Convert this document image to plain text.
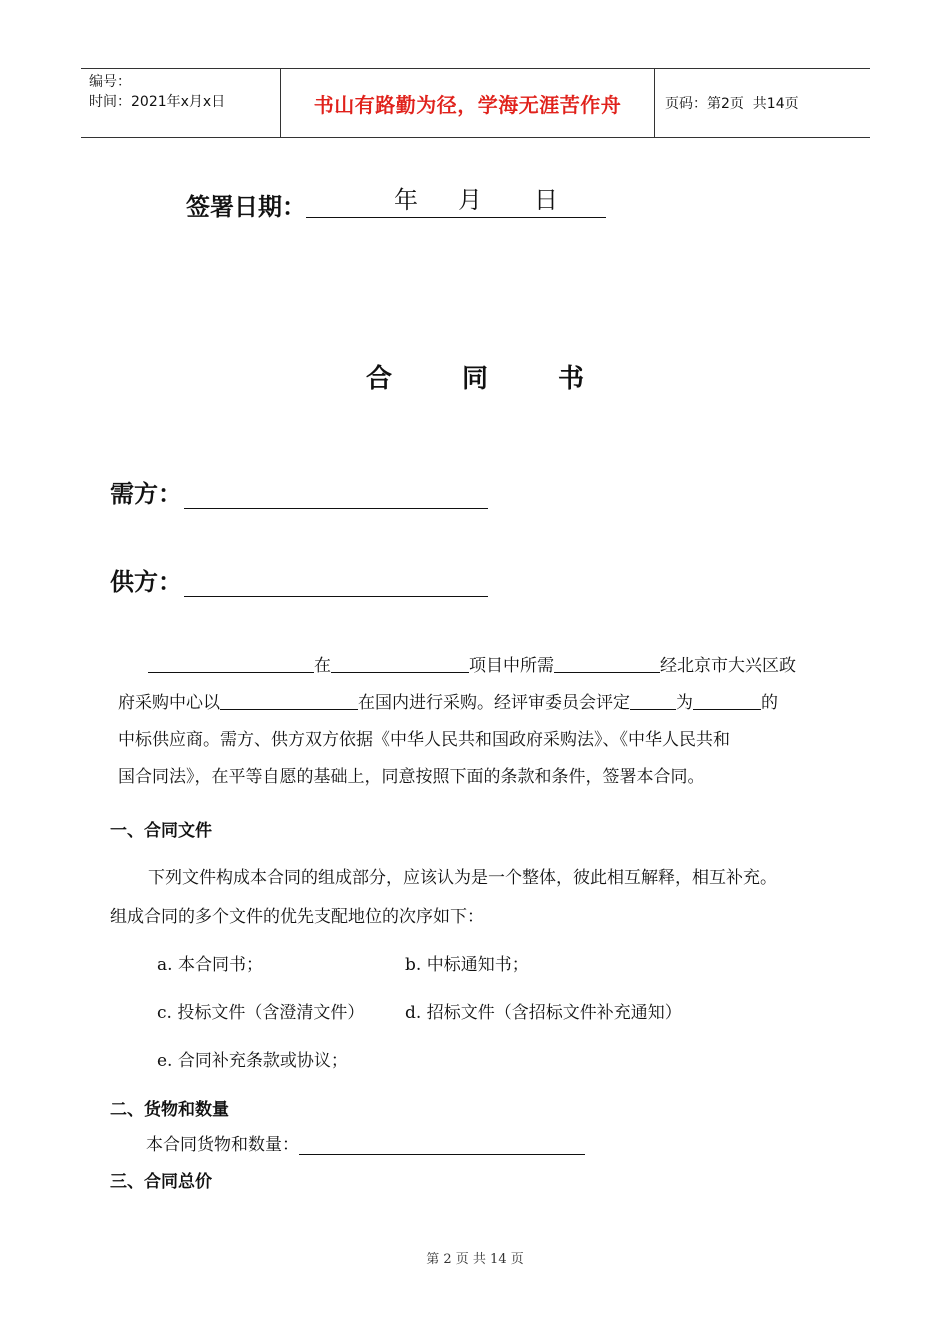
编号：
时间：2021年x月x日	书山有路勤为径，学海无涯苦作舟	页码：第2页  共14页
签署日期：	年 月 日
合同书
需方：
供方：
在	项目中所需	经北京市大兴区政
府采购中心以	在国内进行采购。经评审委员会评定	为	的
中标供应商。需方、供方双方依据《中华人民共和国政府采购法》、《中华人民共和
国合同法》，在平等自愿的基础上，同意按照下面的条款和条件，签署本合同。
一、合同文件
下列文件构成本合同的组成部分，应该认为是一个整体，彼此相互解释，相互补充。
组成合同的多个文件的优先支配地位的次序如下：
a. 本合同书；	b. 中标通知书；
c. 投标文件（含澄清文件） d. 招标文件（含招标文件补充通知）
e. 合同补充条款或协议；
二、货物和数量
本合同货物和数量：
三、合同总价
第 2 页 共 14 页
